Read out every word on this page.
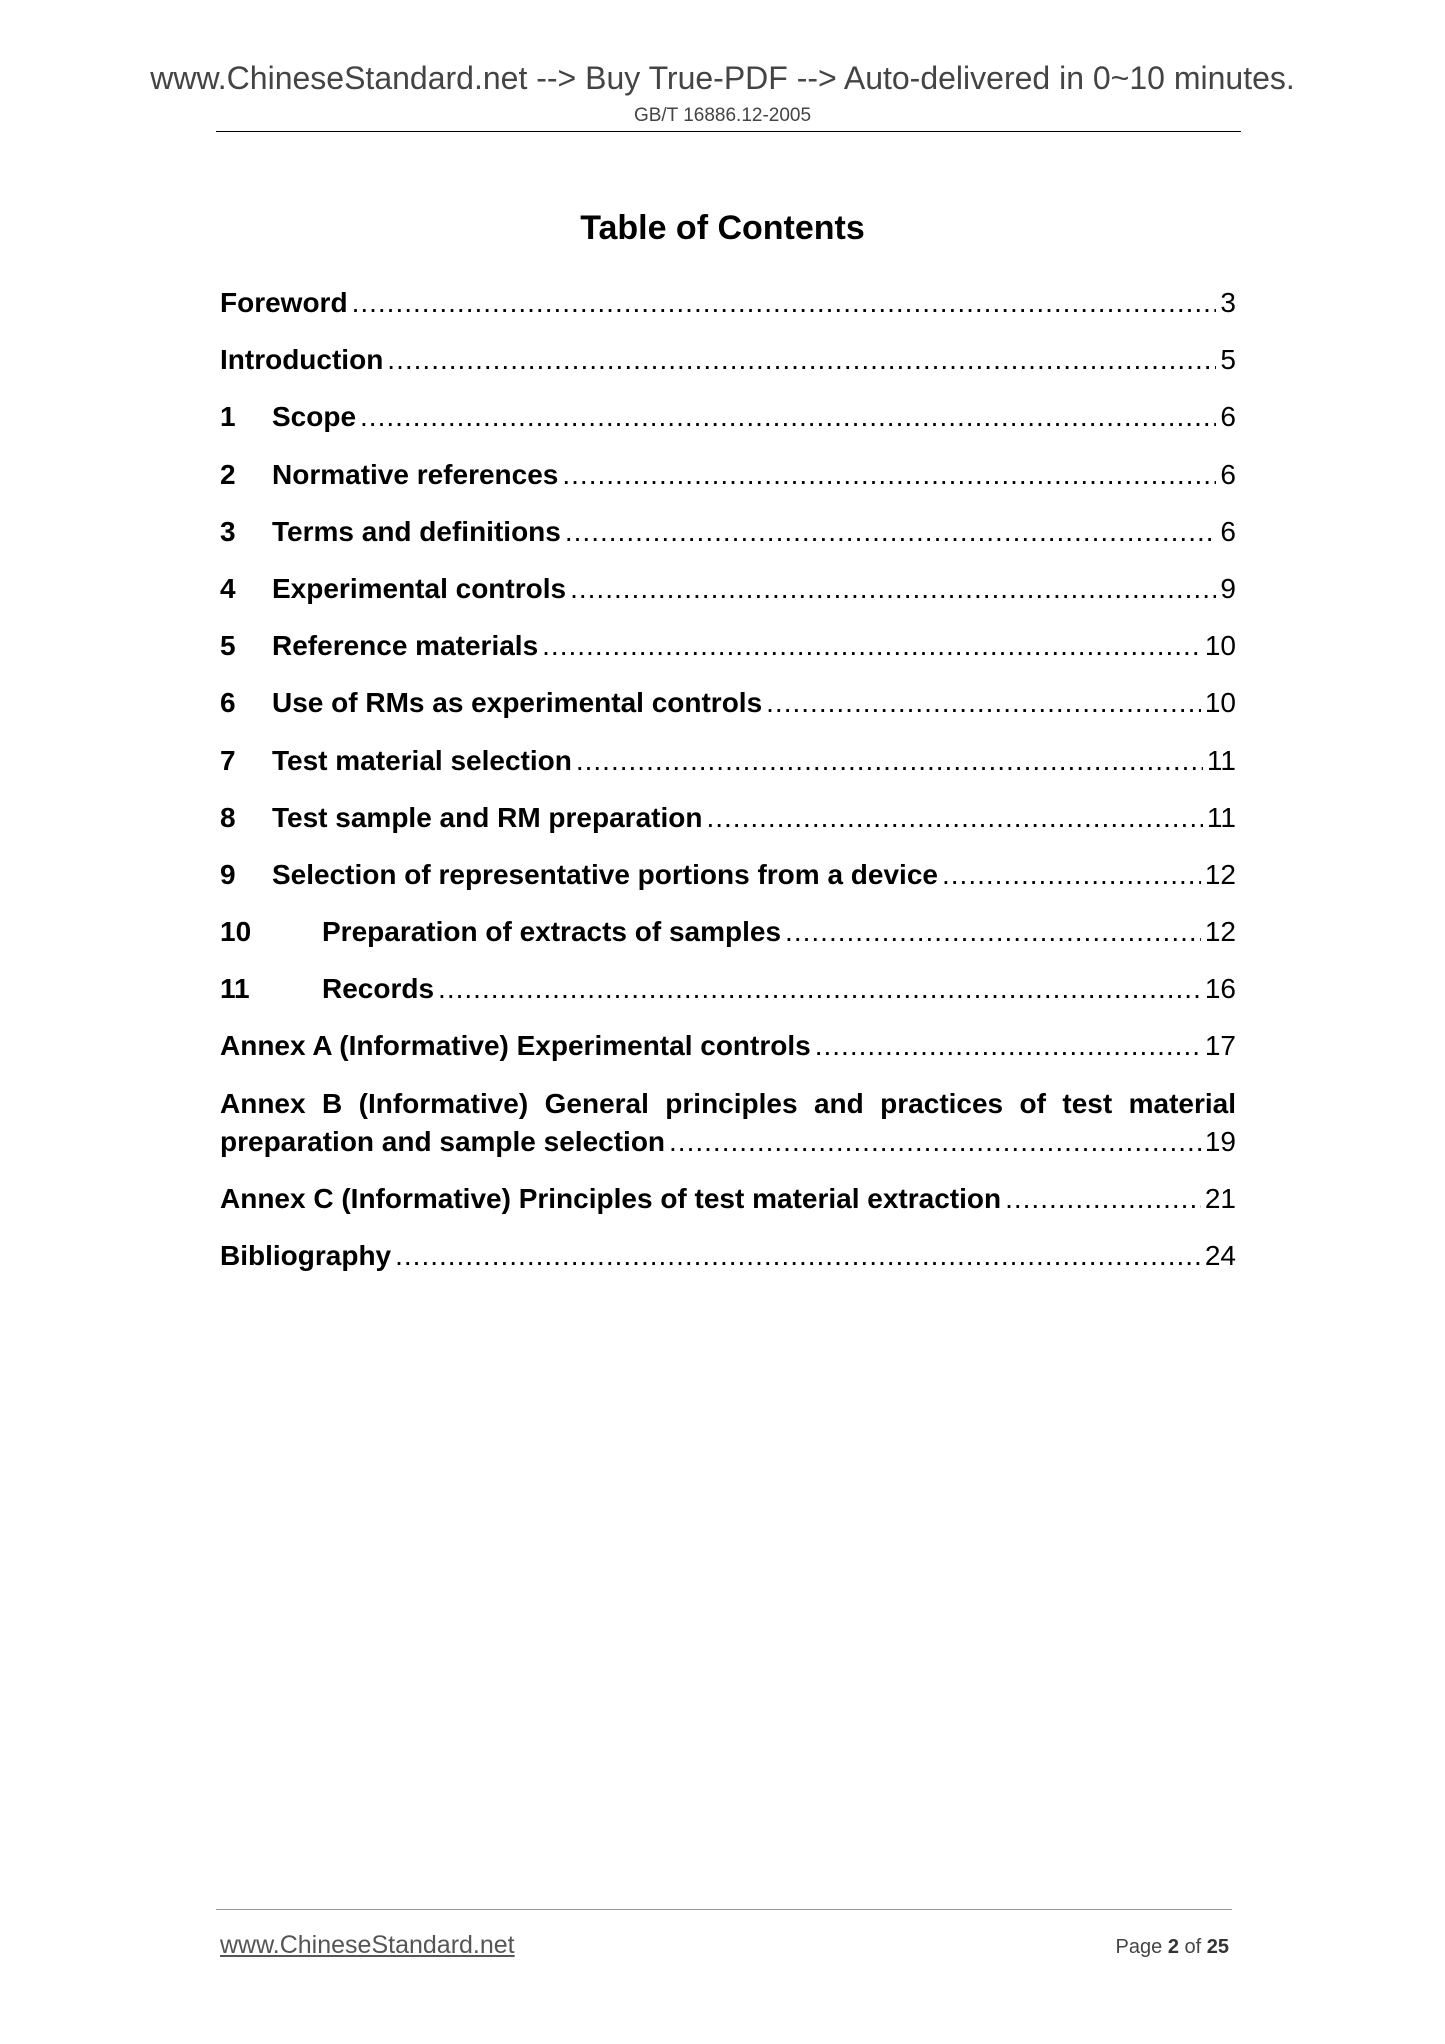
www.ChineseStandard.net --> Buy True-PDF --> Auto-delivered in 0~10 minutes.
GB/T 16886.12-2005
Table of Contents
Foreword .....	3
Introduction .....	5
1	Scope .....	6
2	Normative references .....	6
3	Terms and definitions .....	6
4	Experimental controls .....	9
5	Reference materials .....	10
6	Use of RMs as experimental controls .....	10
7	Test material selection .....	11
8	Test sample and RM preparation .....	11
9	Selection of representative portions from a device .....	12
10	Preparation of extracts of samples .....	12
11	Records .....	16
Annex A (Informative) Experimental controls .....	17
Annex B (Informative) General principles and practices of test material
preparation and sample selection .....	19
Annex C (Informative) Principles of test material extraction .....	21
Bibliography .....	24
www.ChineseStandard.net	Page 2 of 25
